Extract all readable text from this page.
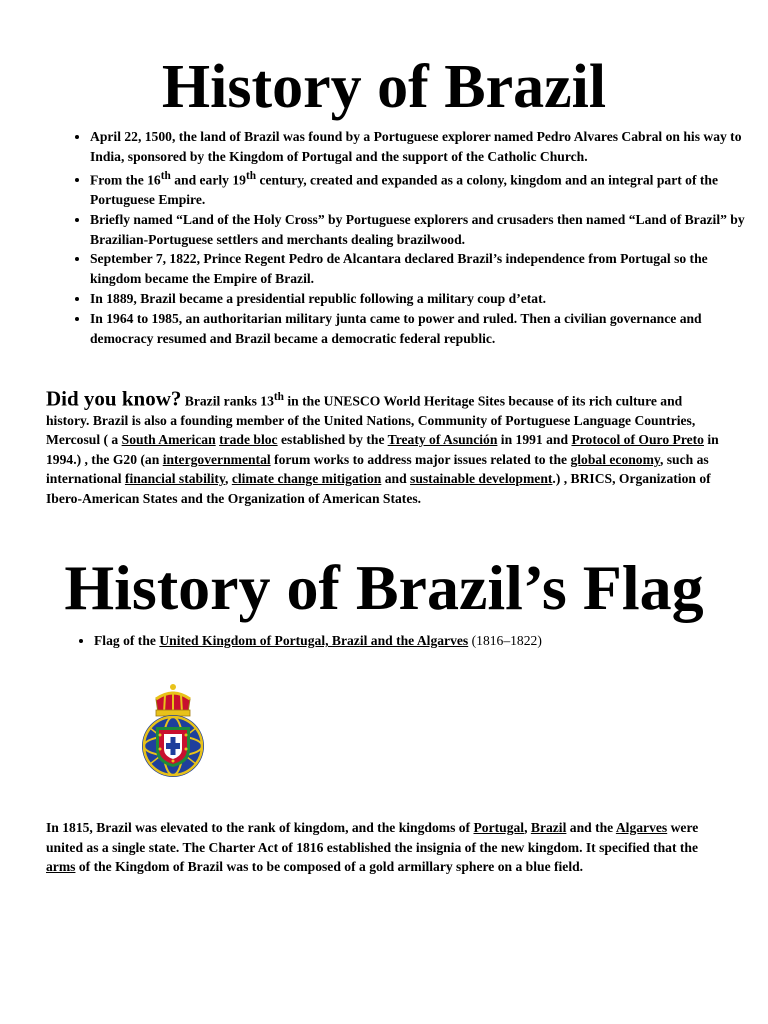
History of Brazil
• April 22, 1500, the land of Brazil was found by a Portuguese explorer named Pedro Alvares Cabral on his way to India, sponsored by the Kingdom of Portugal and the support of the Catholic Church.
• From the 16th and early 19th century, created and expanded as a colony, kingdom and an integral part of the Portuguese Empire.
• Briefly named “Land of the Holy Cross” by Portuguese explorers and crusaders then named “Land of Brazil” by Brazilian-Portuguese settlers and merchants dealing brazilwood.
• September 7, 1822, Prince Regent Pedro de Alcantara declared Brazil’s independence from Portugal so the kingdom became the Empire of Brazil.
• In 1889, Brazil became a presidential republic following a military coup d’etat.
• In 1964 to 1985, an authoritarian military junta came to power and ruled. Then a civilian governance and democracy resumed and Brazil became a democratic federal republic.
Did you know? Brazil ranks 13th in the UNESCO World Heritage Sites because of its rich culture and history. Brazil is also a founding member of the United Nations, Community of Portuguese Language Countries, Mercosul ( a South American trade bloc established by the Treaty of Asunción in 1991 and Protocol of Ouro Preto in 1994.) , the G20 (an intergovernmental forum works to address major issues related to the global economy, such as international financial stability, climate change mitigation and sustainable development.) , BRICS, Organization of Ibero-American States and the Organization of American States.
History of Brazil’s Flag
• Flag of the United Kingdom of Portugal, Brazil and the Algarves (1816–1822)
In 1815, Brazil was elevated to the rank of kingdom, and the kingdoms of Portugal, Brazil and the Algarves were united as a single state. The Charter Act of 1816 established the insignia of the new kingdom. It specified that the arms of the Kingdom of Brazil was to be composed of a gold armillary sphere on a blue field.
